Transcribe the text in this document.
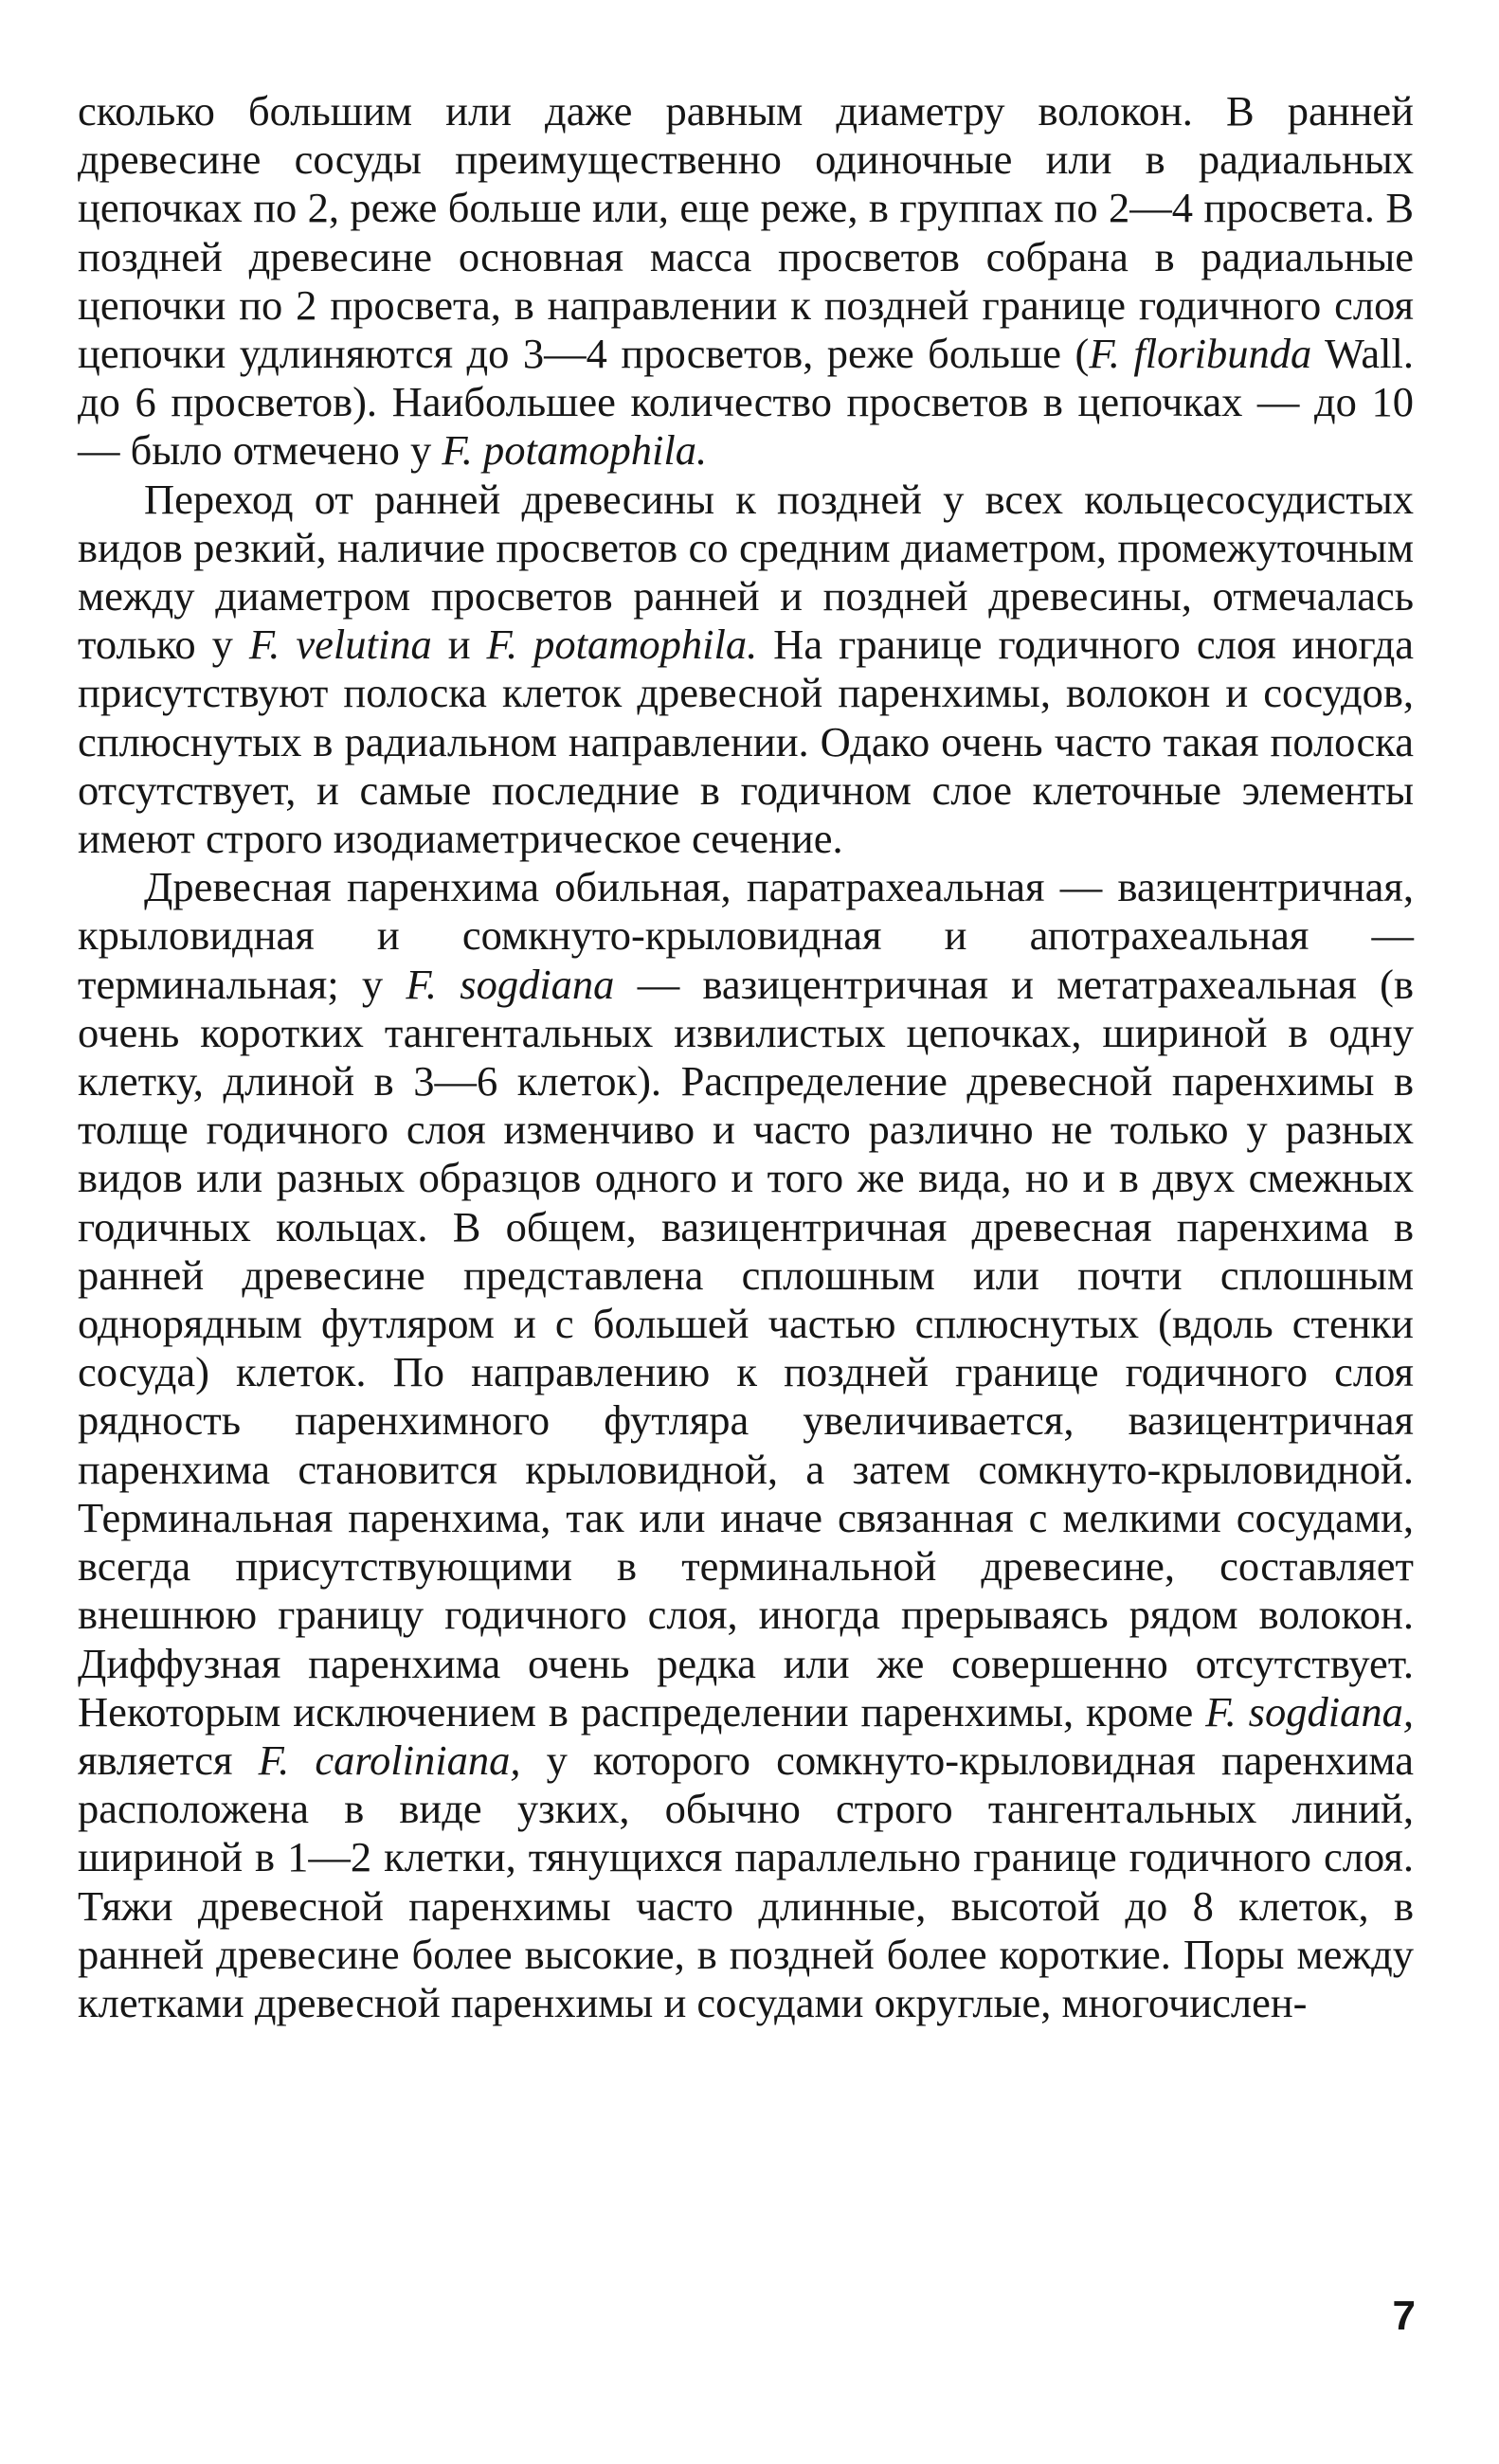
сколько большим или даже равным диаметру волокон. В ранней древесине сосуды преимущественно одиночные или в радиальных цепочках по 2, реже больше или, еще реже, в группах по 2—4 просвета. В поздней древесине основная масса просветов собрана в радиальные цепочки по 2 просвета, в направлении к поздней границе годичного слоя цепочки удлиняются до 3—4 просветов, реже больше (F. floribunda Wall. до 6 просветов). Наибольшее количество просветов в цепочках — до 10 — было отмечено у F. potamophila.

Переход от ранней древесины к поздней у всех кольцесосудистых видов резкий, наличие просветов со средним диаметром, промежуточным между диаметром просветов ранней и поздней древесины, отмечалась только у F. velutina и F. potamophila. На границе годичного слоя иногда присутствуют полоска клеток древесной паренхимы, волокон и сосудов, сплюснутых в радиальном направлении. Одако очень часто такая полоска отсутствует, и самые последние в годичном слое клеточные элементы имеют строго изодиаметрическое сечение.

Древесная паренхима обильная, паратрахеальная — вазицентричная, крыловидная и сомкнуто-крыловидная и апотрахеальная — терминальная; у F. sogdiana — вазицентричная и метатрахеальная (в очень коротких тангентальных извилистых цепочках, шириной в одну клетку, длиной в 3—6 клеток). Распределение древесной паренхимы в толще годичного слоя изменчиво и часто различно не только у разных видов или разных образцов одного и того же вида, но и в двух смежных годичных кольцах. В общем, вазицентричная древесная паренхима в ранней древесине представлена сплошным или почти сплошным однорядным футляром и с большей частью сплюснутых (вдоль стенки сосуда) клеток. По направлению к поздней границе годичного слоя рядность паренхимного футляра увеличивается, вазицентричная паренхима становится крыловидной, а затем сомкнуто-крыловидной. Терминальная паренхима, так или иначе связанная с мелкими сосудами, всегда присутствующими в терминальной древесине, составляет внешнюю границу годичного слоя, иногда прерываясь рядом волокон. Диффузная паренхима очень редка или же совершенно отсутствует. Некоторым исключением в распределении паренхимы, кроме F. sogdiana, является F. caroliniana, у которого сомкнуто-крыловидная паренхима расположена в виде узких, обычно строго тангентальных линий, шириной в 1—2 клетки, тянущихся параллельно границе годичного слоя. Тяжи древесной паренхимы часто длинные, высотой до 8 клеток, в ранней древесине более высокие, в поздней более короткие. Поры между клетками древесной паренхимы и сосудами округлые, многочислен-

7
